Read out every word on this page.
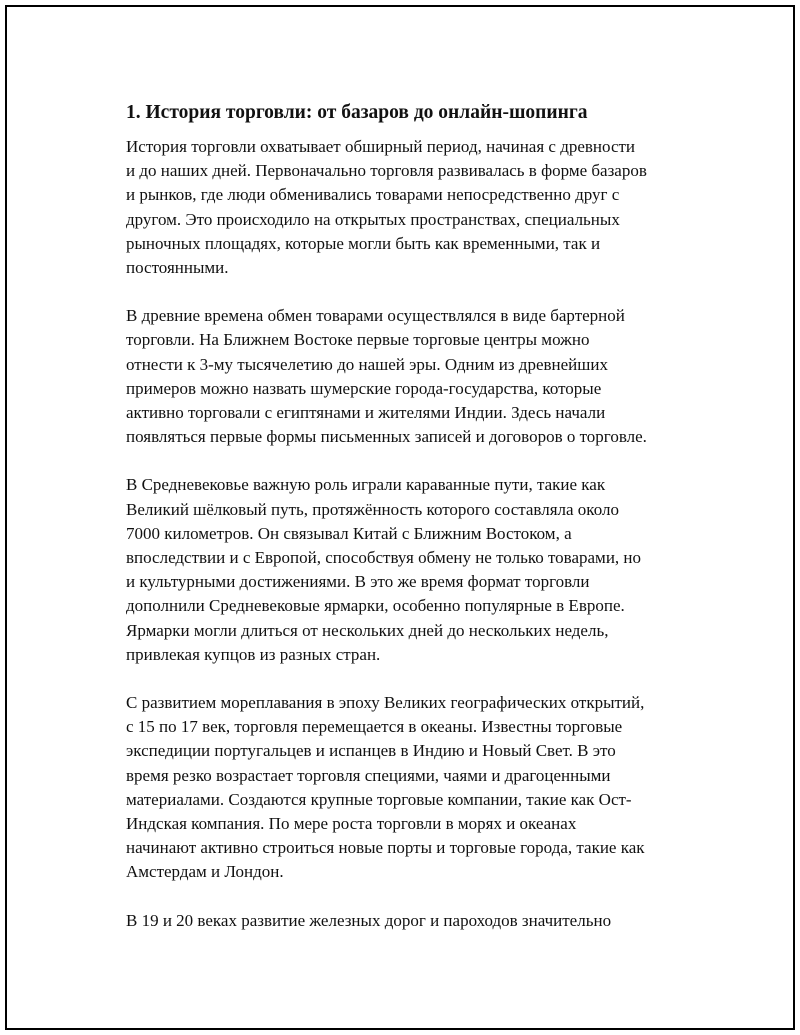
1. История торговли: от базаров до онлайн-шопинга

История торговли охватывает обширный период, начиная с древности
и до наших дней. Первоначально торговля развивалась в форме базаров
и рынков, где люди обменивались товарами непосредственно друг с
другом. Это происходило на открытых пространствах, специальных
рыночных площадях, которые могли быть как временными, так и
постоянными.

В древние времена обмен товарами осуществлялся в виде бартерной
торговли. На Ближнем Востоке первые торговые центры можно
отнести к 3-му тысячелетию до нашей эры. Одним из древнейших
примеров можно назвать шумерские города-государства, которые
активно торговали с египтянами и жителями Индии. Здесь начали
появляться первые формы письменных записей и договоров о торговле.

В Средневековье важную роль играли караванные пути, такие как
Великий шёлковый путь, протяжённость которого составляла около
7000 километров. Он связывал Китай с Ближним Востоком, а
впоследствии и с Европой, способствуя обмену не только товарами, но
и культурными достижениями. В это же время формат торговли
дополнили Средневековые ярмарки, особенно популярные в Европе.
Ярмарки могли длиться от нескольких дней до нескольких недель,
привлекая купцов из разных стран.

С развитием мореплавания в эпоху Великих географических открытий,
с 15 по 17 век, торговля перемещается в океаны. Известны торговые
экспедиции португальцев и испанцев в Индию и Новый Свет. В это
время резко возрастает торговля специями, чаями и драгоценными
материалами. Создаются крупные торговые компании, такие как Ост-
Индская компания. По мере роста торговли в морях и океанах
начинают активно строиться новые порты и торговые города, такие как
Амстердам и Лондон.

В 19 и 20 веках развитие железных дорог и пароходов значительно
